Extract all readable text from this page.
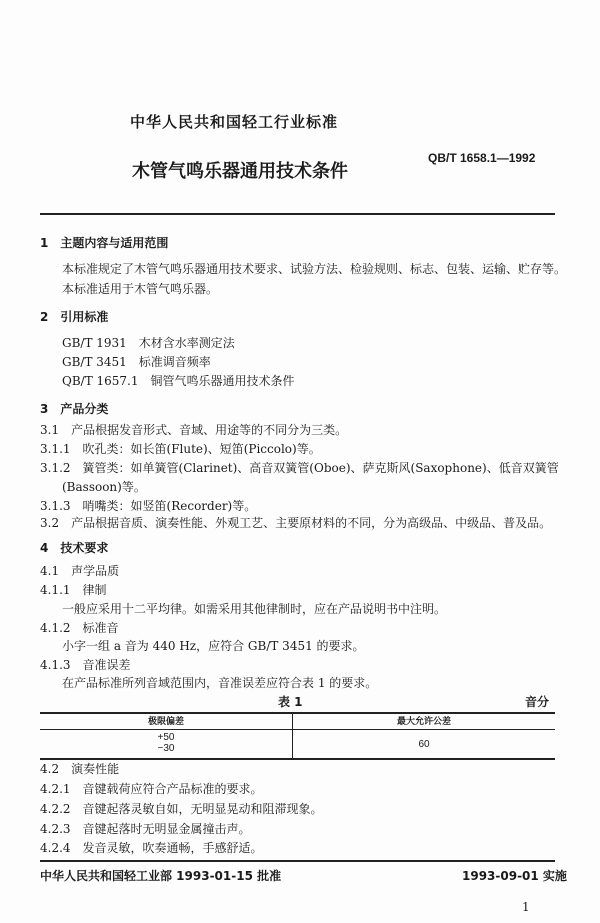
中华人民共和国轻工行业标准
QB/T 1658.1—1992
木管气鸣乐器通用技术条件
1　主题内容与适用范围
本标准规定了木管气鸣乐器通用技术要求、试验方法、检验规则、标志、包装、运输、贮存等。
本标准适用于木管气鸣乐器。
2　引用标准
GB/T 1931　木材含水率测定法
GB/T 3451　标准调音频率
QB/T 1657.1　铜管气鸣乐器通用技术条件
3　产品分类
3.1　产品根据发音形式、音域、用途等的不同分为三类。
3.1.1　吹孔类：如长笛(Flute)、短笛(Piccolo)等。
3.1.2　簧管类：如单簧管(Clarinet)、高音双簧管(Oboe)、萨克斯风(Saxophone)、低音双簧管
(Bassoon)等。
3.1.3　哨嘴类：如竖笛(Recorder)等。
3.2　产品根据音质、演奏性能、外观工艺、主要原材料的不同，分为高级品、中级品、普及品。
4　技术要求
4.1　声学品质
4.1.1　律制
一般应采用十二平均律。如需采用其他律制时，应在产品说明书中注明。
4.1.2　标准音
小字一组 a 音为 440 Hz，应符合 GB/T 3451 的要求。
4.1.3　音准误差
在产品标准所列音域范围内，音准误差应符合表 1 的要求。
4.2　演奏性能
4.2.1　音键载荷应符合产品标准的要求。
4.2.2　音键起落灵敏自如，无明显晃动和阻滞现象。
4.2.3　音键起落时无明显金属撞击声。
4.2.4　发音灵敏，吹奏通畅，手感舒适。
表 1	音分
极限偏差	最大允许公差
+50
−30	60
中华人民共和国轻工业部 1993-01-15 批准	1993-09-01 实施
1
